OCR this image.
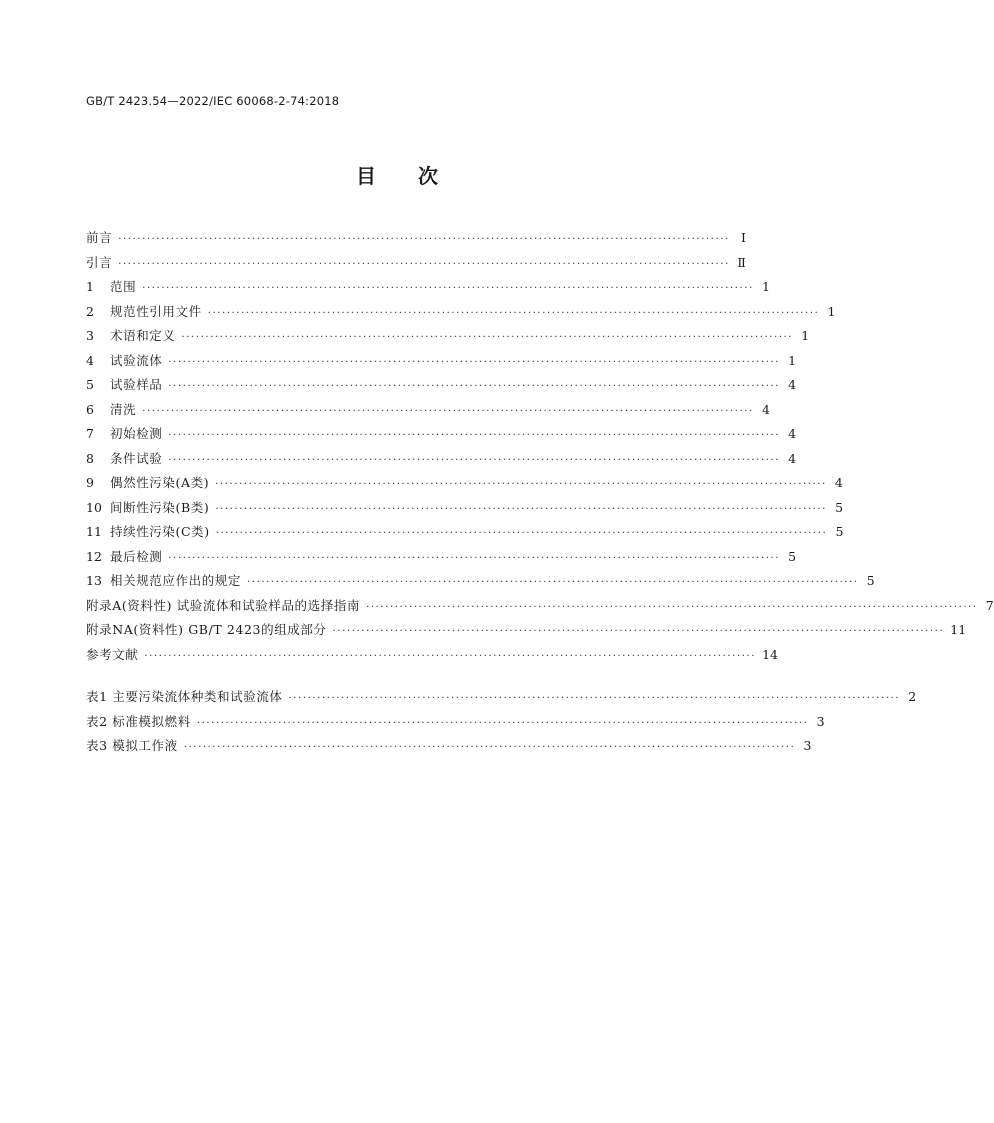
GB/T 2423.54—2022/IEC 60068-2-74:2018
目次
前言 ································································································································ Ⅰ
引言 ································································································································ Ⅱ
1	范围 ································································································································ 1
2	规范性引用文件 ································································································································ 1
3	术语和定义 ································································································································ 1
4	试验流体 ································································································································ 1
5	试验样品 ································································································································ 4
6	清洗 ································································································································ 4
7	初始检测 ································································································································ 4
8	条件试验 ································································································································ 4
9	偶然性污染(A类) ································································································································ 4
10 间断性污染(B类) ································································································································ 5
11 持续性污染(C类) ································································································································ 5
12 最后检测 ································································································································ 5
13 相关规范应作出的规定 ································································································································ 5
附录A(资料性) 试验流体和试验样品的选择指南 ································································································································ 7
附录NA(资料性) GB/T 2423的组成部分 ································································································································ 11
参考文献 ································································································································ 14
表1 主要污染流体种类和试验流体 ································································································································ 2
表2 标准模拟燃料 ································································································································ 3
表3 模拟工作液 ································································································································ 3
